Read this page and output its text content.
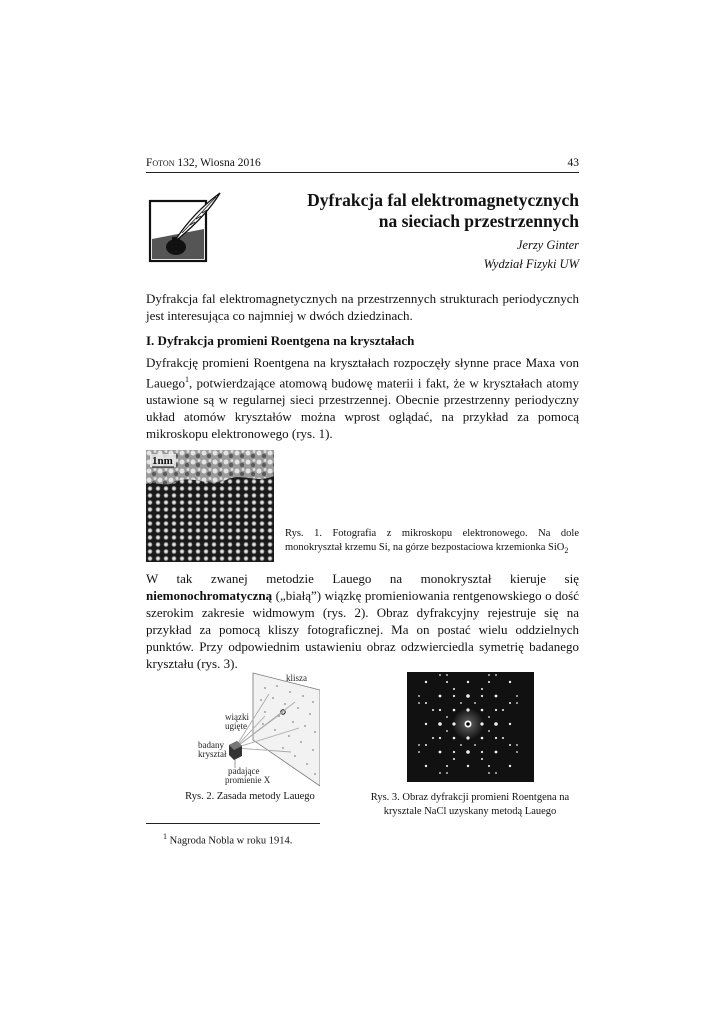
Foton 132, Wiosna 2016	43
Dyfrakcja fal elektromagnetycznych
na sieciach przestrzennych
Jerzy Ginter
Wydział Fizyki UW
Dyfrakcja fal elektromagnetycznych na przestrzennych strukturach periodycznych jest interesująca co najmniej w dwóch dziedzinach.
I. Dyfrakcja promieni Roentgena na kryształach
Dyfrakcję promieni Roentgena na kryształach rozpoczęły słynne prace Maxa von Lauego$^1$, potwierdzające atomową budowę materii i fakt, że w kryształach atomy ustawione są w regularnej sieci przestrzennej. Obecnie przestrzenny periodyczny układ atomów kryształów można wprost oglądać, na przykład za pomocą mikroskopu elektronowego (rys. 1).
1nm
Rys. 1. Fotografia z mikroskopu elektronowego. Na dole monokryształ krzemu Si, na górze bezpostaciowa krzemionka SiO$_2$
W tak zwanej metodzie Lauego na monokryształ kieruje się niemonochromatyczną („białą”) wiązkę promieniowania rentgenowskiego o dość szerokim zakresie widmowym (rys. 2). Obraz dyfrakcyjny rejestruje się na przykład za pomocą kliszy fotograficznej. Ma on postać wielu oddzielnych punktów. Przy odpowiednim ustawieniu obraz odzwierciedla symetrię badanego kryształu (rys. 3).
klisza
wiązki
ugięte
badany
kryształ
padające
promienie X
Rys. 2. Zasada metody Lauego	Rys. 3. Obraz dyfrakcji promieni Roentgena na
krysztale NaCl uzyskany metodą Lauego
$^1$ Nagroda Nobla w roku 1914.
